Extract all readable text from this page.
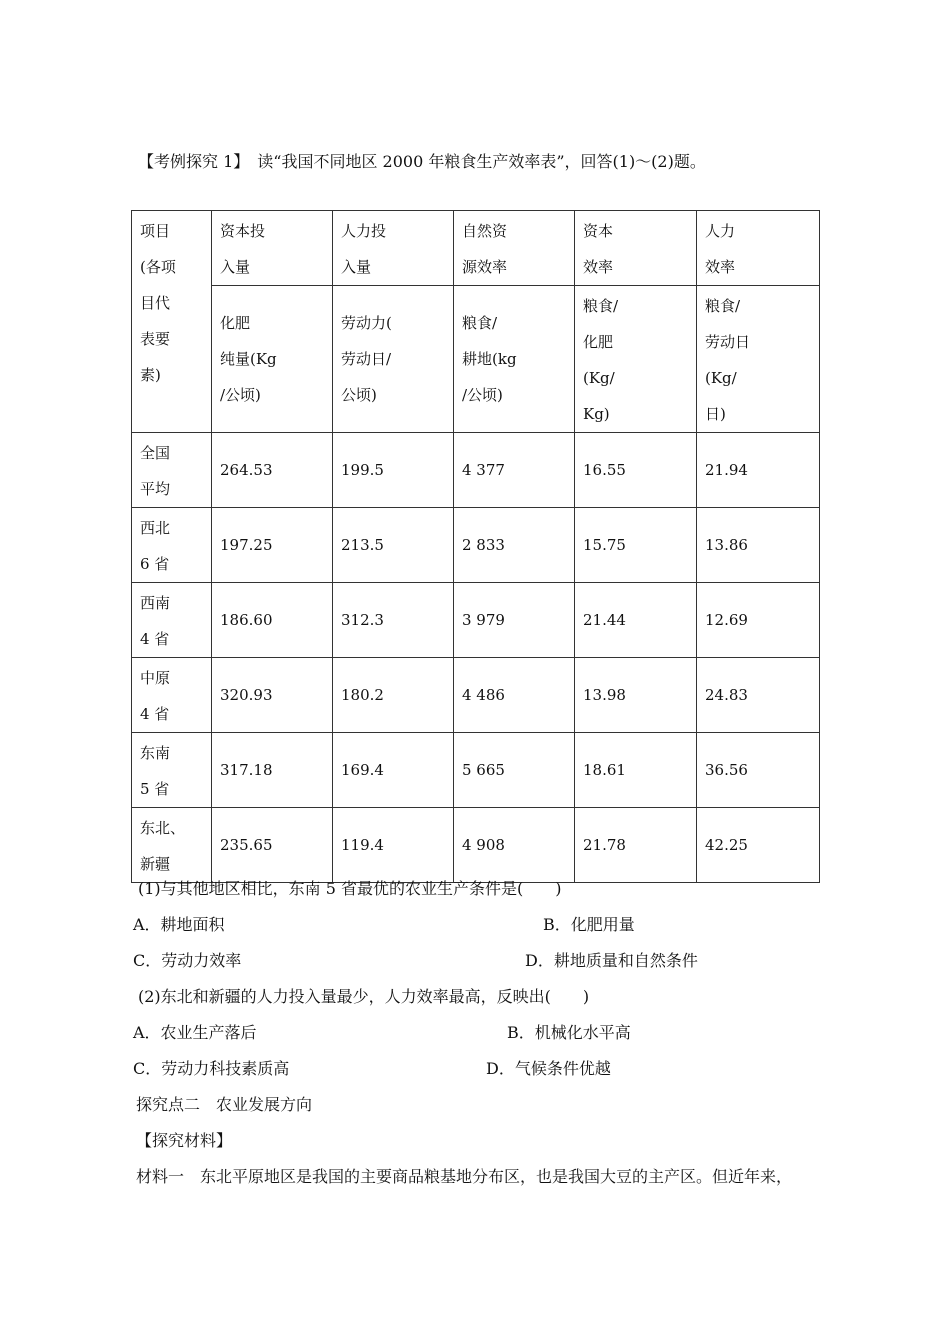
【考例探究 1】　读“我国不同地区 2000 年粮食生产效率表”，回答(1)～(2)题。
项目
(各项
目代
表要
素)	资本投
入量	人力投
入量	自然资
源效率	资本
效率	人力
效率

	化肥
纯量(Kg
/公顷)	劳动力(
劳动日/
公顷)	粮食/
耕地(kg
/公顷)	粮食/
化肥
(Kg/
Kg)	粮食/
劳动日
(Kg/
日)

全国
平均	264.53	199.5	4 377	16.55	21.94

西北
6 省	197.25	213.5	2 833	15.75	13.86

西南
4 省	186.60	312.3	3 979	21.44	12.69

中原
4 省	320.93	180.2	4 486	13.98	24.83

东南
5 省	317.18	169.4	5 665	18.61	36.56

东北、
新疆	235.65	119.4	4 908	21.78	42.25
(1)与其他地区相比，东南 5 省最优的农业生产条件是(　　)
A．耕地面积	B．化肥用量
C．劳动力效率	D．耕地质量和自然条件
(2)东北和新疆的人力投入量最少，人力效率最高，反映出(　　)
A．农业生产落后	B．机械化水平高
C．劳动力科技素质高	D．气候条件优越
探究点二　农业发展方向
【探究材料】
材料一　东北平原地区是我国的主要商品粮基地分布区，也是我国大豆的主产区。但近年来，
